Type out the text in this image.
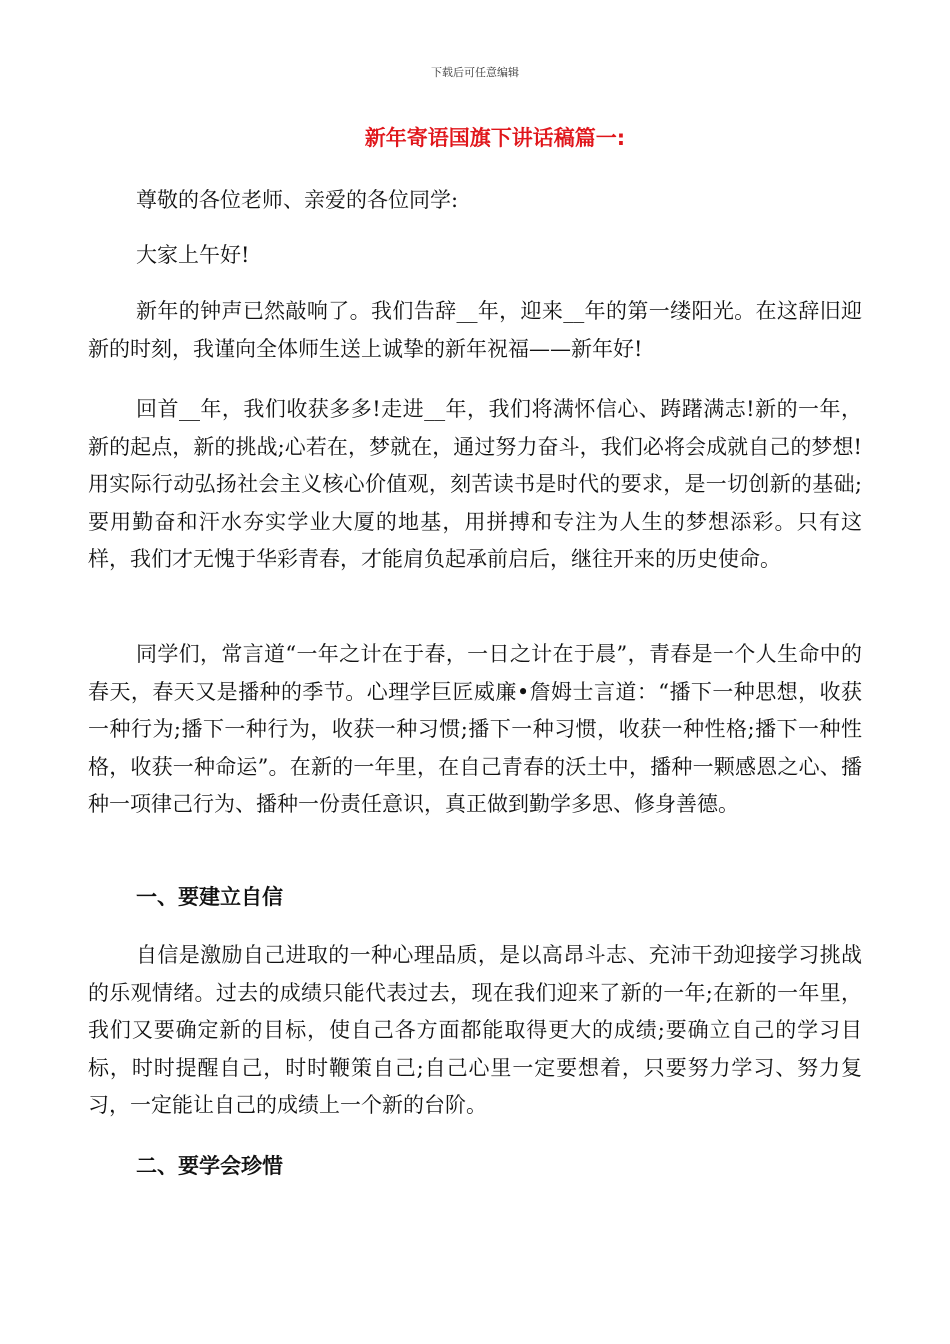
下载后可任意编辑
新年寄语国旗下讲话稿篇一:

尊敬的各位老师、亲爱的各位同学:

大家上午好!

新年的钟声已然敲响了。我们告辞__年，迎来__年的第一缕阳光。在这辞旧迎新的时刻，我谨向全体师生送上诚挚的新年祝福——新年好!

回首__年，我们收获多多!走进__年，我们将满怀信心、踌躇满志!新的一年，新的起点，新的挑战;心若在，梦就在，通过努力奋斗，我们必将会成就自己的梦想!用实际行动弘扬社会主义核心价值观，刻苦读书是时代的要求，是一切创新的基础;要用勤奋和汗水夯实学业大厦的地基，用拼搏和专注为人生的梦想添彩。只有这样，我们才无愧于华彩青春，才能肩负起承前启后，继往开来的历史使命。

同学们，常言道“一年之计在于春，一日之计在于晨”，青春是一个人生命中的春天，春天又是播种的季节。心理学巨匠威廉•詹姆士言道：“播下一种思想，收获一种行为;播下一种行为，收获一种习惯;播下一种习惯，收获一种性格;播下一种性格，收获一种命运”。在新的一年里，在自己青春的沃土中，播种一颗感恩之心、播种一项律己行为、播种一份责任意识，真正做到勤学多思、修身善德。

一、要建立自信

自信是激励自己进取的一种心理品质，是以高昂斗志、充沛干劲迎接学习挑战的乐观情绪。过去的成绩只能代表过去，现在我们迎来了新的一年;在新的一年里，我们又要确定新的目标，使自己各方面都能取得更大的成绩;要确立自己的学习目标，时时提醒自己，时时鞭策自己;自己心里一定要想着，只要努力学习、努力复习，一定能让自己的成绩上一个新的台阶。

二、要学会珍惜
